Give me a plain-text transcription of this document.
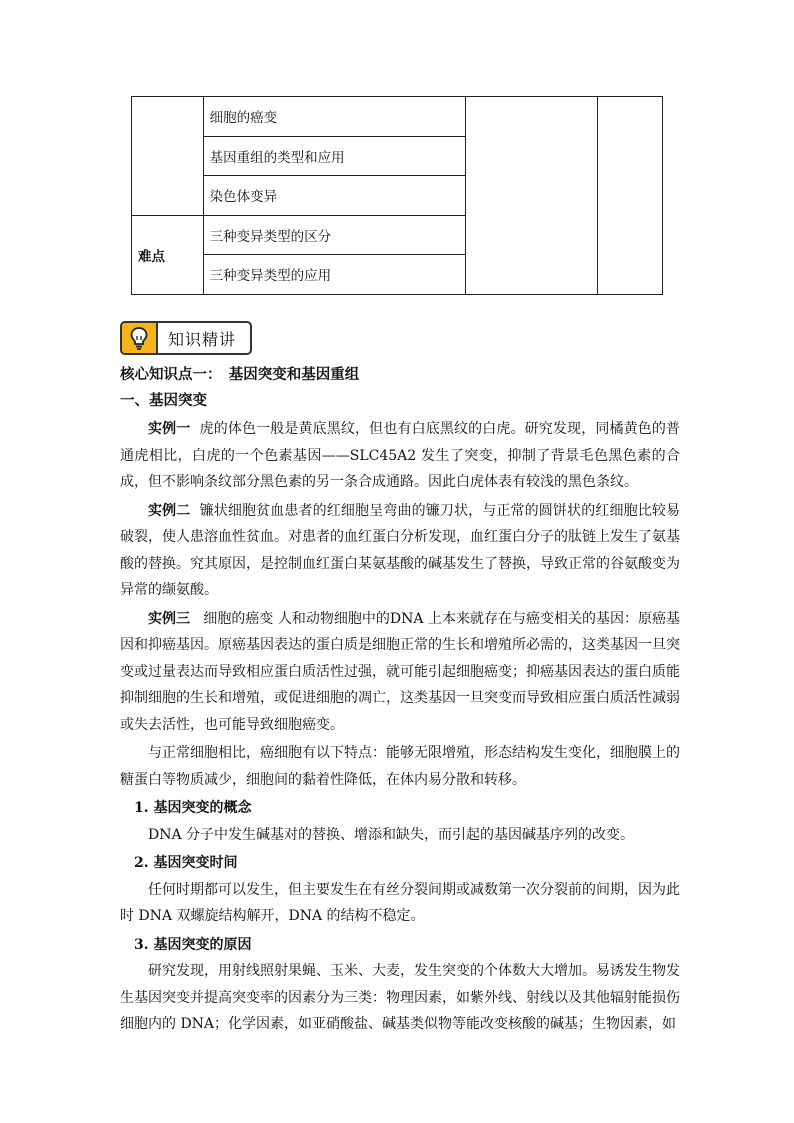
	细胞的癌变		
	基因重组的类型和应用		
	染色体变异		
难点	三种变异类型的区分		
	三种变异类型的应用		
知识精讲
核心知识点一：　基因突变和基因重组
一、基因突变

实例一 虎的体色一般是黄底黑纹，但也有白底黑纹的白虎。研究发现，同橘黄色的普通虎相比，白虎的一个色素基因——SLC45A2 发生了突变，抑制了背景毛色黑色素的合成，但不影响条纹部分黑色素的另一条合成通路。因此白虎体表有较浅的黑色条纹。

实例二 镰状细胞贫血患者的红细胞呈弯曲的镰刀状，与正常的圆饼状的红细胞比较易破裂，使人患溶血性贫血。对患者的血红蛋白分析发现，血红蛋白分子的肽链上发生了氨基酸的替换。究其原因，是控制血红蛋白某氨基酸的碱基发生了替换，导致正常的谷氨酸变为异常的缬氨酸。

实例三 细胞的癌变 人和动物细胞中的DNA 上本来就存在与癌变相关的基因：原癌基因和抑癌基因。原癌基因表达的蛋白质是细胞正常的生长和增殖所必需的，这类基因一旦突变或过量表达而导致相应蛋白质活性过强，就可能引起细胞癌变；抑癌基因表达的蛋白质能抑制细胞的生长和增殖，或促进细胞的凋亡，这类基因一旦突变而导致相应蛋白质活性减弱或失去活性，也可能导致细胞癌变。

与正常细胞相比，癌细胞有以下特点：能够无限增殖，形态结构发生变化，细胞膜上的糖蛋白等物质减少，细胞间的黏着性降低，在体内易分散和转移。

1. 基因突变的概念

DNA 分子中发生碱基对的替换、增添和缺失，而引起的基因碱基序列的改变。

2. 基因突变时间

任何时期都可以发生，但主要发生在有丝分裂间期或减数第一次分裂前的间期，因为此时 DNA 双螺旋结构解开，DNA 的结构不稳定。

3. 基因突变的原因

研究发现，用射线照射果蝇、玉米、大麦，发生突变的个体数大大增加。易诱发生物发生基因突变并提高突变率的因素分为三类：物理因素，如紫外线、射线以及其他辐射能损伤细胞内的 DNA；化学因素，如亚硝酸盐、碱基类似物等能改变核酸的碱基；生物因素，如
